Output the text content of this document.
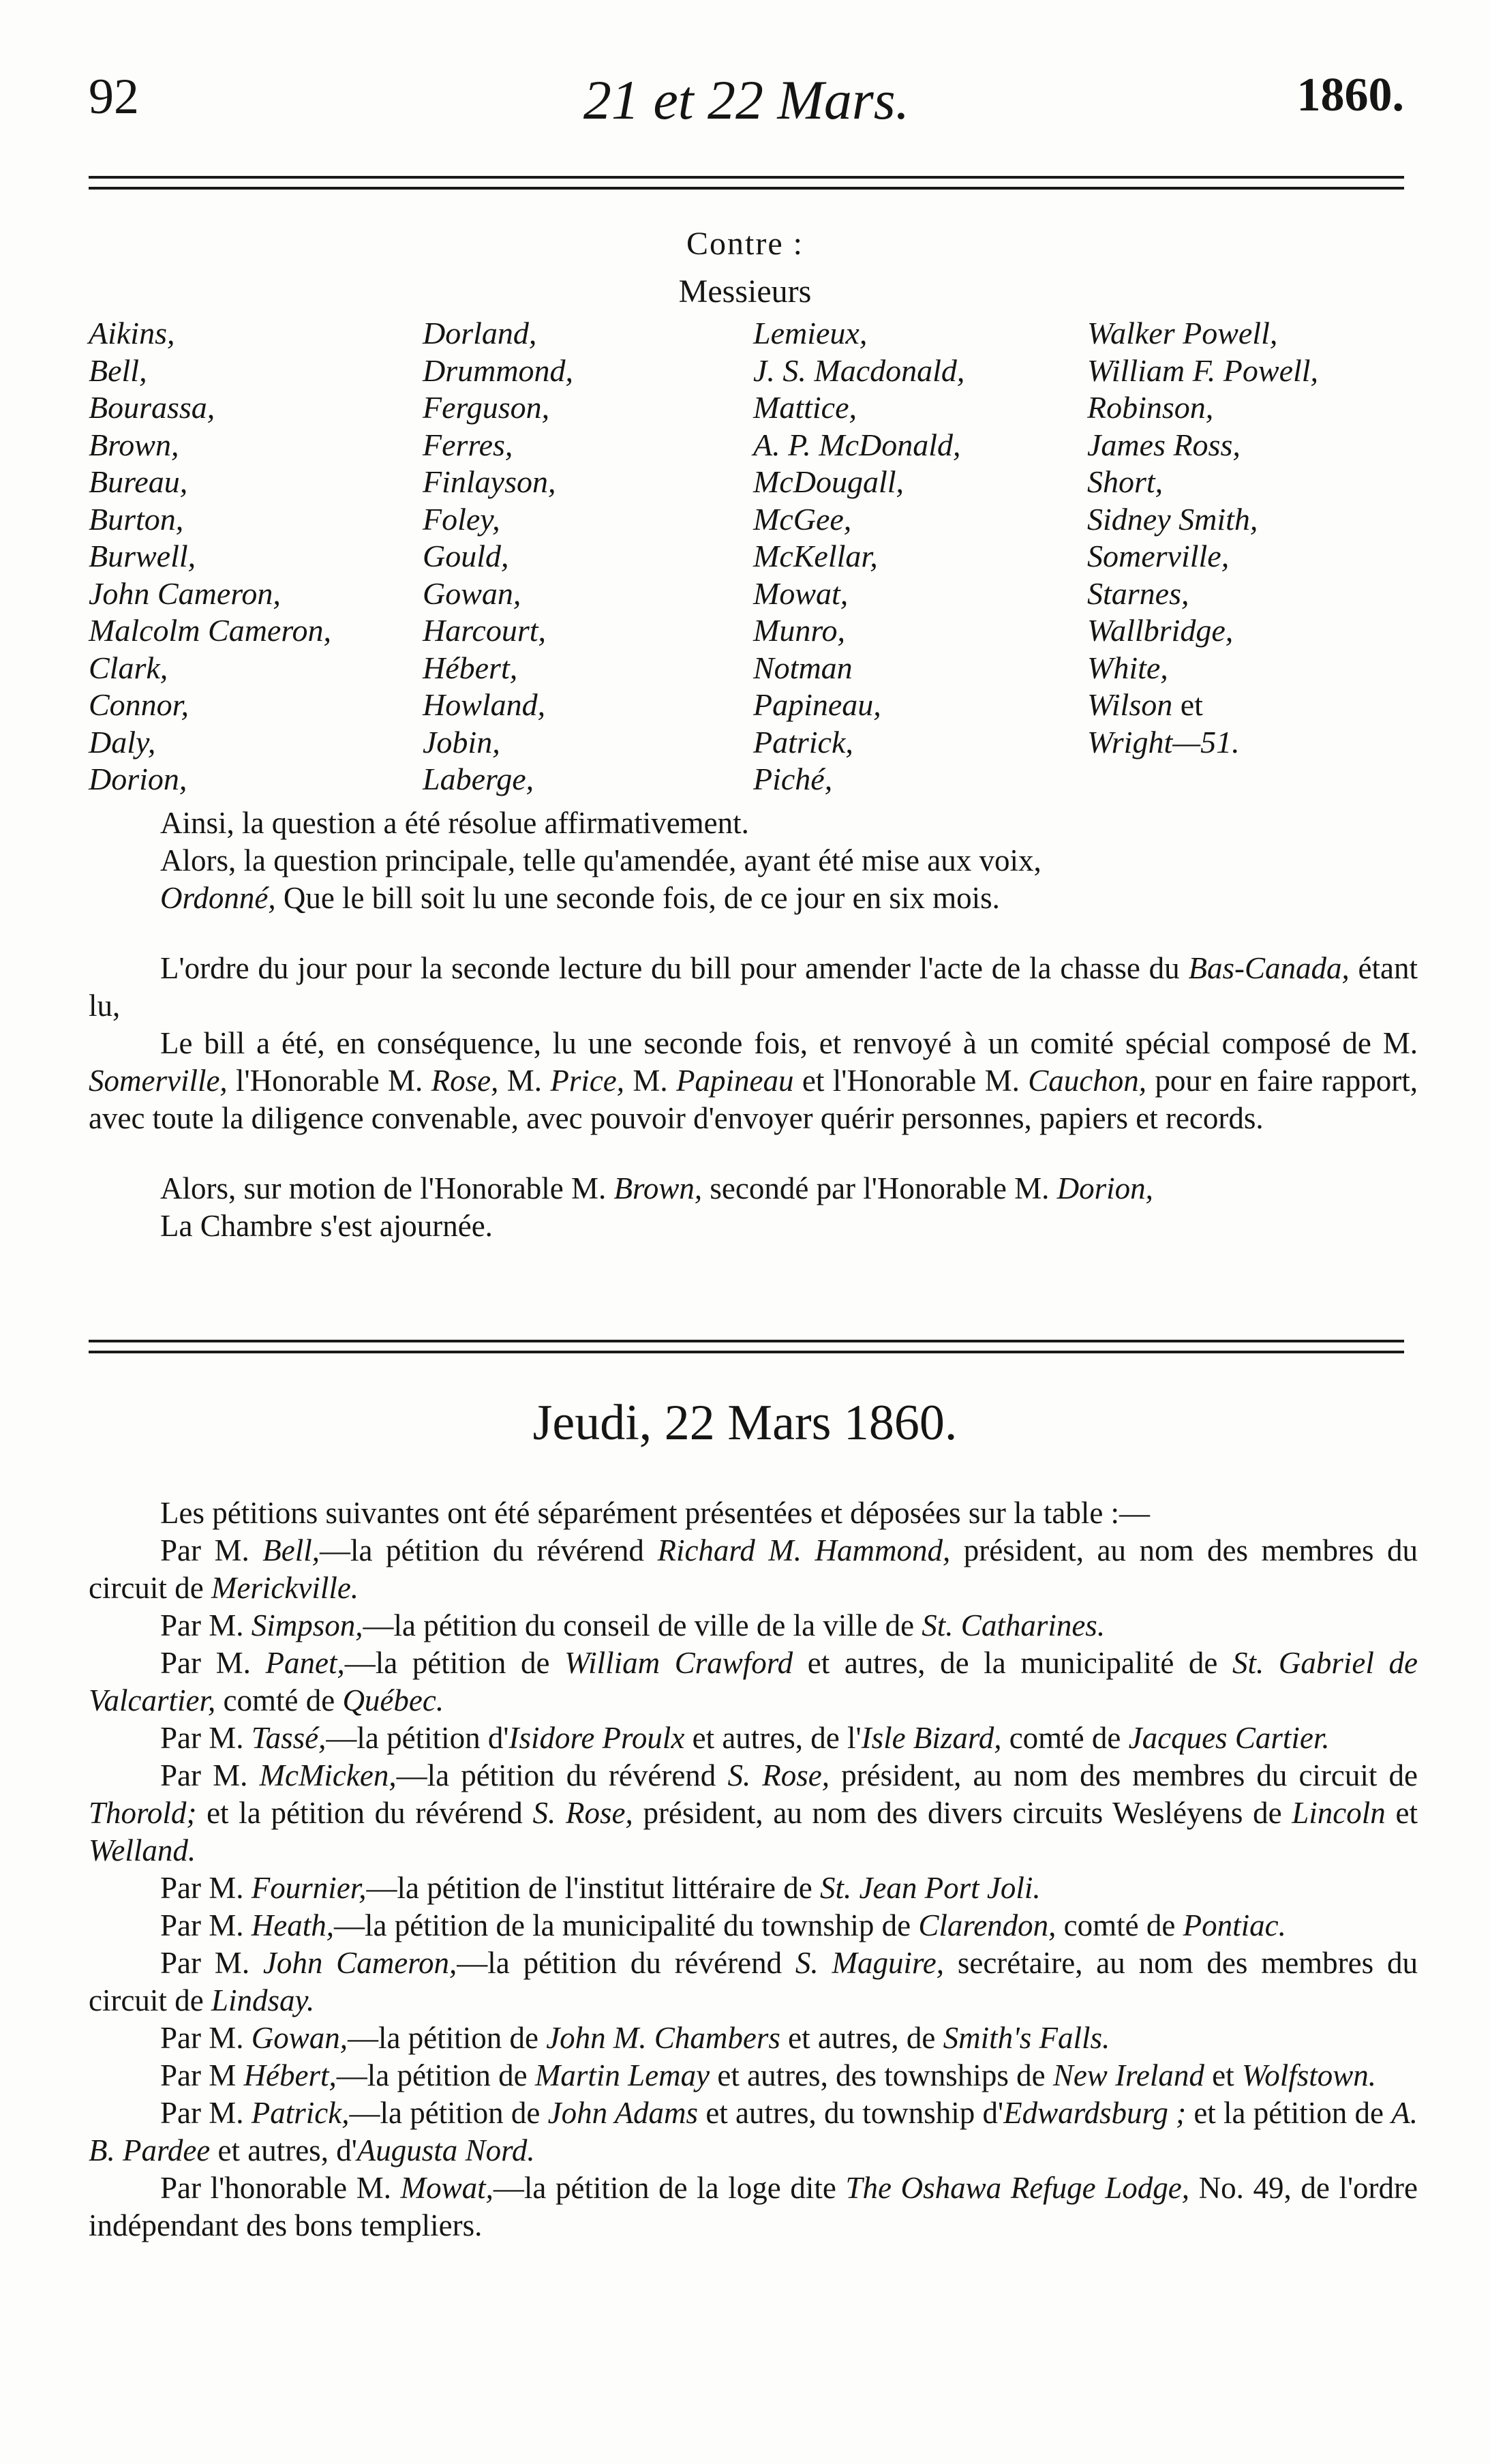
92	21 et 22 Mars.	1860.
Contre :
Messieurs
Aikins,
Bell,
Bourassa,
Brown,
Bureau,
Burton,
Burwell,
John Cameron,
Malcolm Cameron,
Clark,
Connor,
Daly,
Dorion,
Dorland,
Drummond,
Ferguson,
Ferres,
Finlayson,
Foley,
Gould,
Gowan,
Harcourt,
Hébert,
Howland,
Jobin,
Laberge,
Lemieux,
J. S. Macdonald,
Mattice,
A. P. McDonald,
McDougall,
McGee,
McKellar,
Mowat,
Munro,
Notman
Papineau,
Patrick,
Piché,
Walker Powell,
William F. Powell,
Robinson,
James Ross,
Short,
Sidney Smith,
Somerville,
Starnes,
Wallbridge,
White,
Wilson et
Wright—51.

Ainsi, la question a été résolue affirmativement.

Alors, la question principale, telle qu'amendée, ayant été mise aux voix,

Ordonné, Que le bill soit lu une seconde fois, de ce jour en six mois.

L'ordre du jour pour la seconde lecture du bill pour amender l'acte de la chasse du Bas-Canada, étant lu,

Le bill a été, en conséquence, lu une seconde fois, et renvoyé à un comité spécial composé de M. Somerville, l'Honorable M. Rose, M. Price, M. Papineau et l'Honorable M. Cauchon, pour en faire rapport, avec toute la diligence convenable, avec pouvoir d'envoyer quérir personnes, papiers et records.

Alors, sur motion de l'Honorable M. Brown, secondé par l'Honorable M. Dorion,

La Chambre s'est ajournée.

Jeudi, 22 Mars 1860.

Les pétitions suivantes ont été séparément présentées et déposées sur la table :—

Par M. Bell,—la pétition du révérend Richard M. Hammond, président, au nom des membres du circuit de Merickville.

Par M. Simpson,—la pétition du conseil de ville de la ville de St. Catharines.

Par M. Panet,—la pétition de William Crawford et autres, de la municipalité de St. Gabriel de Valcartier, comté de Québec.

Par M. Tassé,—la pétition d'Isidore Proulx et autres, de l'Isle Bizard, comté de Jacques Cartier.

Par M. McMicken,—la pétition du révérend S. Rose, président, au nom des membres du circuit de Thorold; et la pétition du révérend S. Rose, président, au nom des divers circuits Wesléyens de Lincoln et Welland.

Par M. Fournier,—la pétition de l'institut littéraire de St. Jean Port Joli.

Par M. Heath,—la pétition de la municipalité du township de Clarendon, comté de Pontiac.

Par M. John Cameron,—la pétition du révérend S. Maguire, secrétaire, au nom des membres du circuit de Lindsay.

Par M. Gowan,—la pétition de John M. Chambers et autres, de Smith's Falls.

Par M Hébert,—la pétition de Martin Lemay et autres, des townships de New Ireland et Wolfstown.

Par M. Patrick,—la pétition de John Adams et autres, du township d'Edwardsburg ; et la pétition de A. B. Pardee et autres, d'Augusta Nord.

Par l'honorable M. Mowat,—la pétition de la loge dite The Oshawa Refuge Lodge, No. 49, de l'ordre indépendant des bons templiers.
